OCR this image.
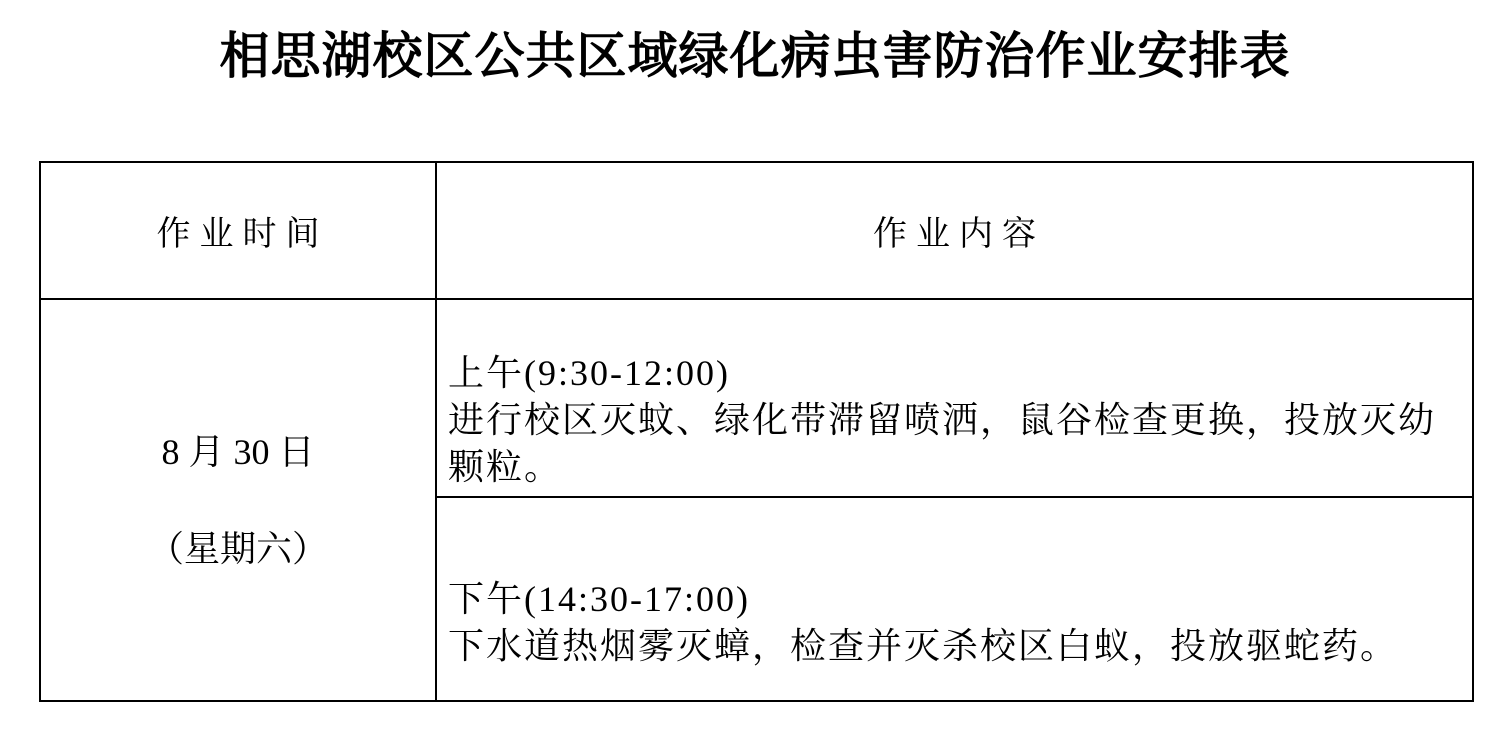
相思湖校区公共区域绿化病虫害防治作业安排表
作业时间	作业内容
8 月 30 日
（星期六）
上午(9:30-12:00)
进行校区灭蚊、绿化带滞留喷洒，鼠谷检查更换，投放灭幼颗粒。
下午(14:30-17:00)
下水道热烟雾灭蟑，检查并灭杀校区白蚁，投放驱蛇药。
